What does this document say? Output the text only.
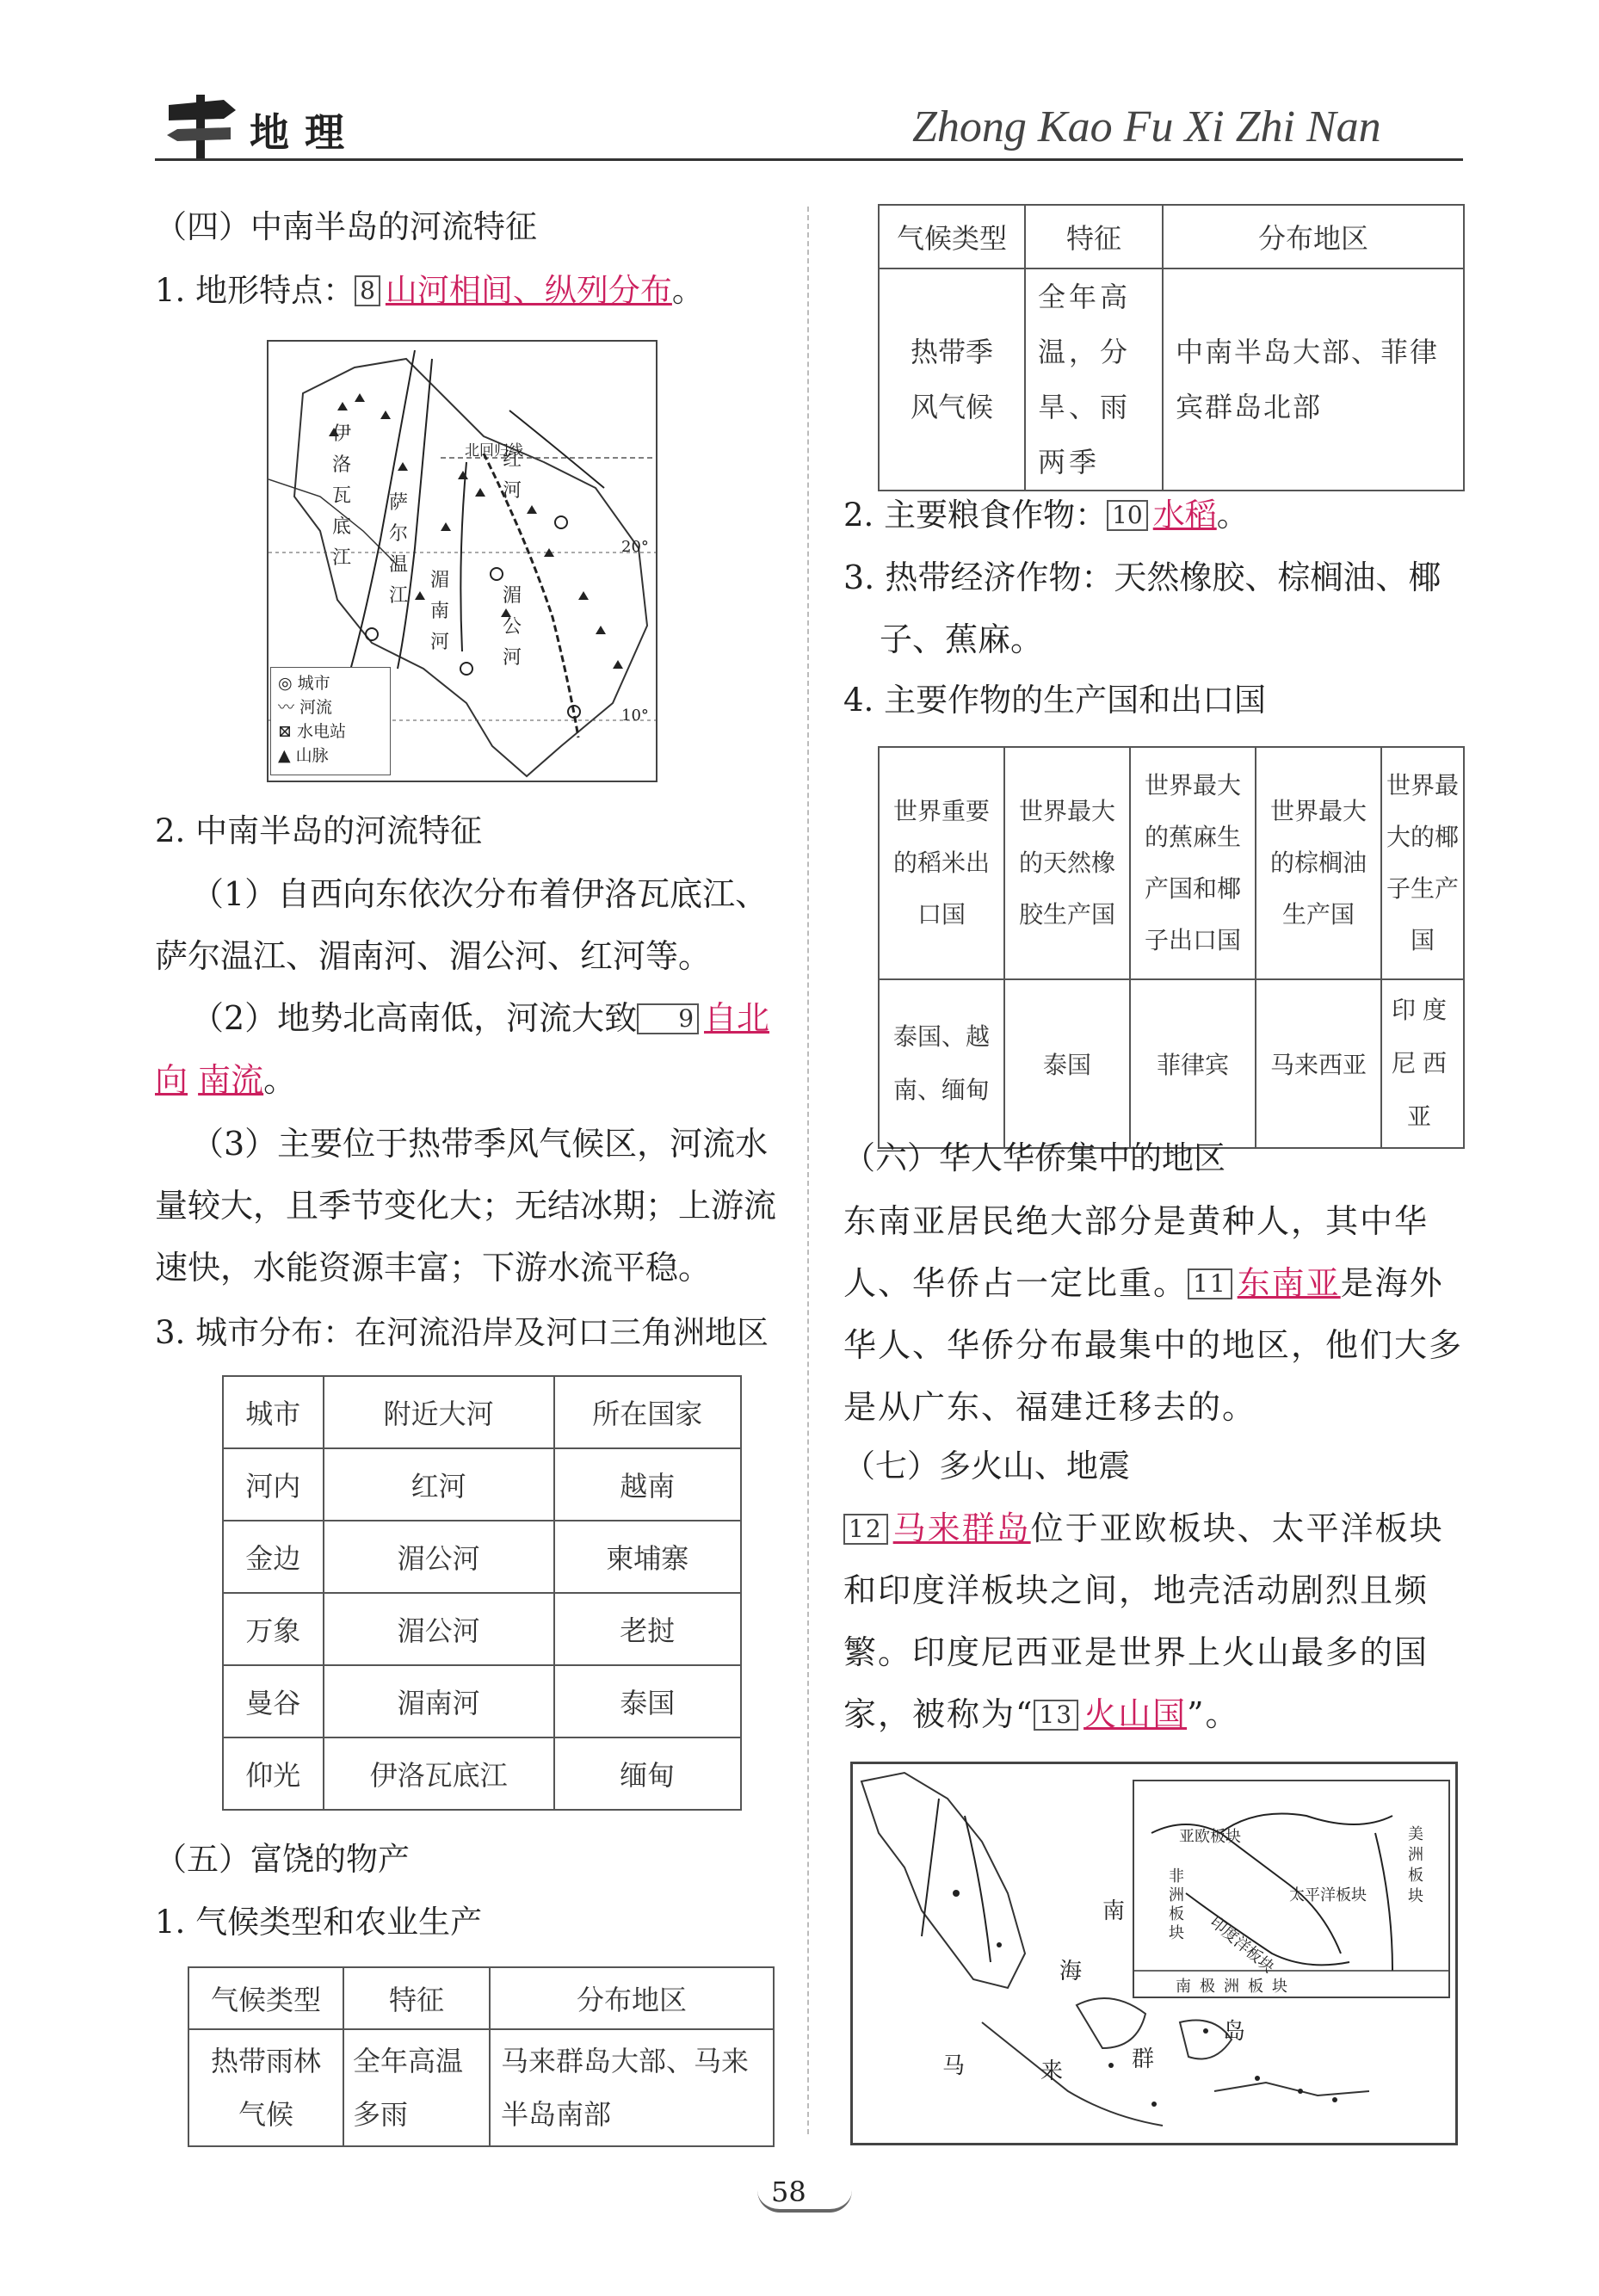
地理	Zhong Kao Fu Xi Zhi Nan
（四）中南半岛的河流特征
1. 地形特点： 8 山河相间、纵列分布。
北回归线
20°
10°
伊洛瓦底江
萨尔温江
湄南河
湄公河
红河
◎ 城市
〰 河流
⊠ 水电站
▲ 山脉
2. 中南半岛的河流特征
（1）自西向东依次分布着伊洛瓦底江、萨尔温江、湄南河、湄公河、红河等。
（2）地势北高南低，河流大致 9 自北向 南流。
（3）主要位于热带季风气候区，河流水量较大，且季节变化大；无结冰期；上游流速快，水能资源丰富；下游水流平稳。
3. 城市分布：在河流沿岸及河口三角洲地区
城市	附近大河	所在国家
河内	红河	越南
金边	湄公河	柬埔寨
万象	湄公河	老挝
曼谷	湄南河	泰国
仰光	伊洛瓦底江	缅甸
（五）富饶的物产
1. 气候类型和农业生产
气候类型	特征	分布地区
热带雨林气候	全年高温多雨	马来群岛大部、马来半岛南部
气候类型	特征	分布地区
热带季风气候	全年高温，分旱、雨两季	中南半岛大部、菲律宾群岛北部
2. 主要粮食作物： 10 水稻。
3. 热带经济作物：天然橡胶、棕榈油、椰子、蕉麻。
4. 主要作物的生产国和出口国
世界重要的稻米出口国	世界最大的天然橡胶生产国	世界最大的蕉麻生产国和椰子出口国	世界最大的棕榈油生产国	世界最大的椰子生产国
泰国、越南、缅甸	泰国	菲律宾	马来西亚	印度尼西亚
（六）华人华侨集中的地区
东南亚居民绝大部分是黄种人，其中华人、华侨占一定比重。 11 东南亚是海外华人、华侨分布最集中的地区，他们大多是从广东、福建迁移去的。
（七）多火山、地震
12 马来群岛位于亚欧板块、太平洋板块和印度洋板块之间，地壳活动剧烈且频繁。印度尼西亚是世界上火山最多的国家，被称为“ 13 火山国”。
南
海
马	来	群
岛
亚欧板块
非洲板块
太平洋板块
美洲板块
印度洋板块
南极洲板块
58
